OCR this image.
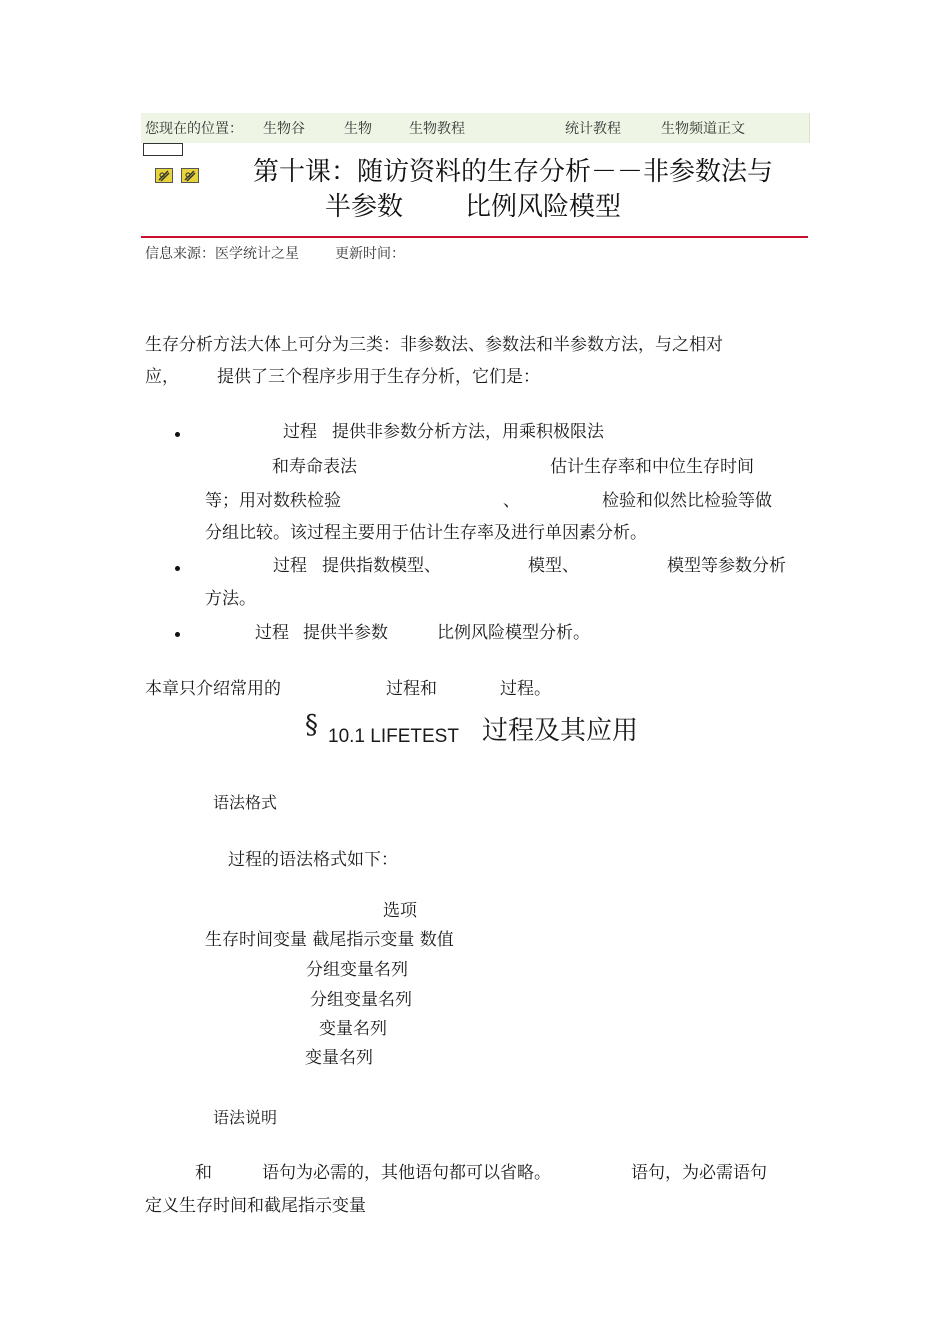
您现在的位置： 生物谷	生物	生物教程	统计教程	生物频道正文
第十课：随访资料的生存分析－－非参数法与
半参数 比例风险模型
信息来源：医学统计之星	更新时间：
生存分析方法大体上可分为三类：非参数法、参数法和半参数方法，与之相对
应， 提供了三个程序步用于生存分析，它们是：
过程 提供非参数分析方法，用乘积极限法
和寿命表法	估计生存率和中位生存时间
等；用对数秩检验	、	检验和似然比检验等做
分组比较。该过程主要用于估计生存率及进行单因素分析。
过程 提供指数模型、	模型、	模型等参数分析
方法。
过程 提供半参数	比例风险模型分析。
本章只介绍常用的	过程和	过程。
§ 10.1 LIFETEST 过程及其应用
语法格式
过程的语法格式如下：
选项
生存时间变量 截尾指示变量 数值
分组变量名列
分组变量名列
变量名列
变量名列
语法说明
和	语句为必需的，其他语句都可以省略。	语句，为必需语句
定义生存时间和截尾指示变量
